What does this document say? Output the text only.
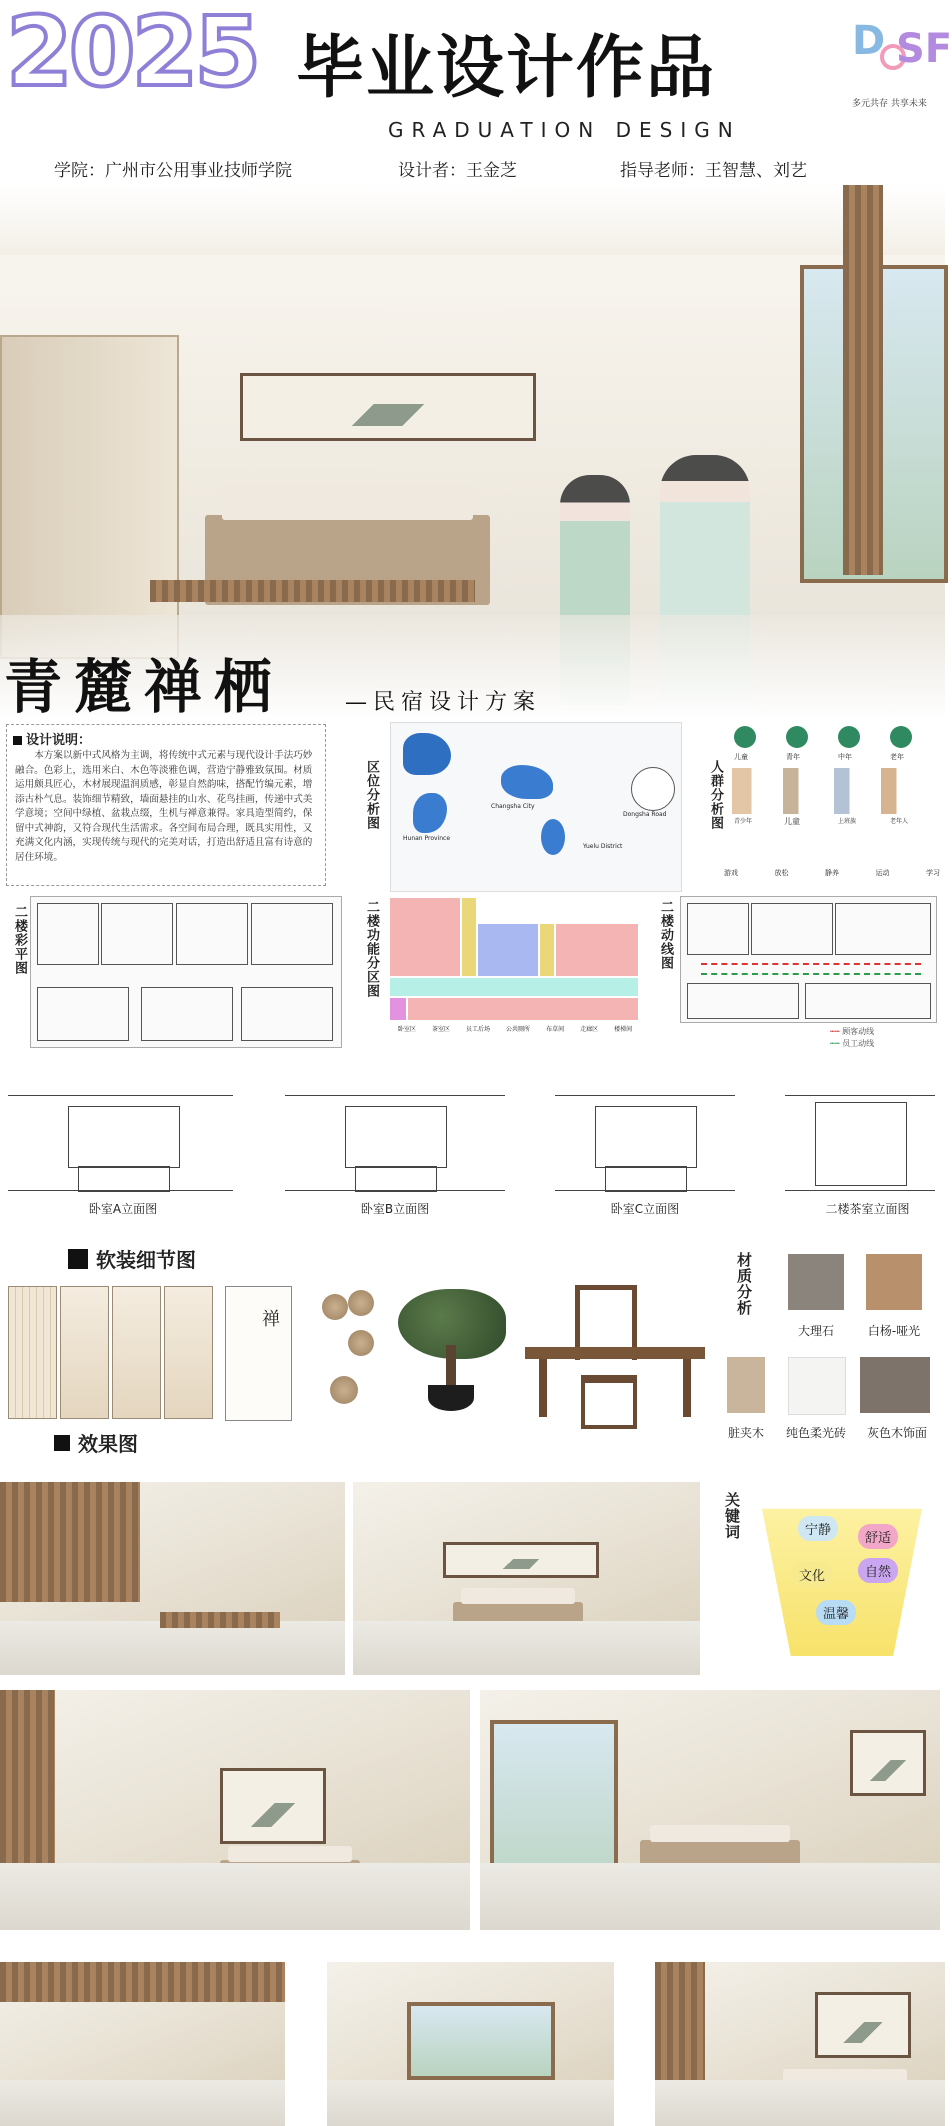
2025 毕业设计作品
GRADUATION DESIGN
D SF
多元共存 共享未来
学院：广州市公用事业技师学院	设计者：王金芝	指导老师：王智慧、刘艺
青麓禅栖	—民宿设计方案
设计说明：
本方案以新中式风格为主调，将传统中式元素与现代设计手法巧妙融合。色彩上，选用米白、木色等淡雅色调，营造宁静雅致氛围。材质运用颇具匠心，木材展现温润质感，彰显自然韵味，搭配竹编元素，增添古朴气息。装饰细节精致，墙面悬挂的山水、花鸟挂画，传递中式美学意境；空间中绿植、盆栽点缀，生机与禅意兼得。家具造型简约，保留中式神韵，又符合现代生活需求。各空间布局合理，既具实用性，又充满文化内涵，实现传统与现代的完美对话，打造出舒适且富有诗意的居住环境。
区位分析图
Hunan Province
Changsha City
Dongsha Road
Yuelu District
人群分析图
儿童	青年	中年	老年
青少年	儿童	上班族	老年人
游戏	放松	静养	运动	学习
二楼彩平图	二楼功能分区图
卧室区	茶室区	员工后场	公共厕所	布草间	走廊区	楼梯间
二楼动线图
┅┅ 顾客动线
┅┅ 员工动线
卧室A立面图	卧室B立面图	卧室C立面图	二楼茶室立面图
软装细节图
禅
材质分析
大理石	白杨-哑光
脏夹木	纯色柔光砖	灰色木饰面
效果图
关键词	宁静
舒适
文化	自然
温馨
